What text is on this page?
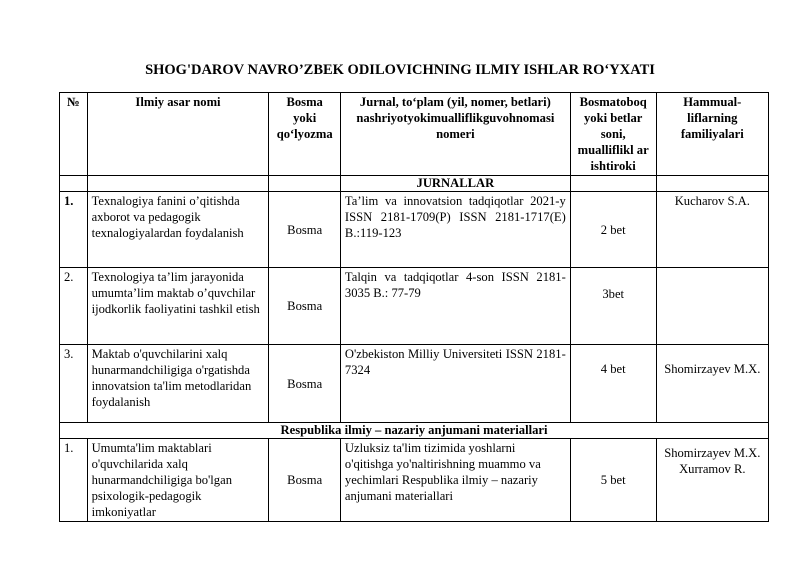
SHOG'DAROV NAVRO’ZBEK ODILOVICHNING ILMIY ISHLAR RO‘YXATI
№	Ilmiy asar nomi	Bosma yoki qo‘lyozma	Jurnal, to‘plam (yil, nomer, betlari) nashriyotyokimualliflikguvohnomasi nomeri	Bosmatoboq yoki betlar soni, mualliflikl ar ishtiroki	Hammual-liflarning familiyalari
			JURNALLAR		
1.	Texnalogiya fanini o’qitishda axborot va pedagogik texnalogiyalardan foydalanish	Bosma	Ta’lim va innovatsion tadqiqotlar 2021-y ISSN 2181-1709(P) ISSN 2181-1717(E) B.:119-123	2 bet	Kucharov S.A.
2.	Texnologiya ta’lim jarayonida umumta’lim maktab o’quvchilar ijodkorlik faoliyatini tashkil etish	Bosma	Talqin va tadqiqotlar 4-son ISSN 2181-3035 B.: 77-79	3bet	
3.	Maktab o'quvchilarini xalq hunarmandchiligiga o'rgatishda innovatsion ta'lim metodlaridan foydalanish	Bosma	O'zbekiston Milliy Universiteti ISSN 2181-7324	4 bet	Shomirzayev M.X.
Respublika ilmiy – nazariy anjumani materiallari					
1.	Umumta'lim maktablari o'quvchilarida xalq hunarmandchiligiga bo'lgan psixologik-pedagogik imkoniyatlar	Bosma	Uzluksiz ta'lim tizimida yoshlarni o'qitishga yo'naltirishning muammo va yechimlari Respublika ilmiy – nazariy anjumani materiallari	5 bet	Shomirzayev M.X. Xurramov R.
